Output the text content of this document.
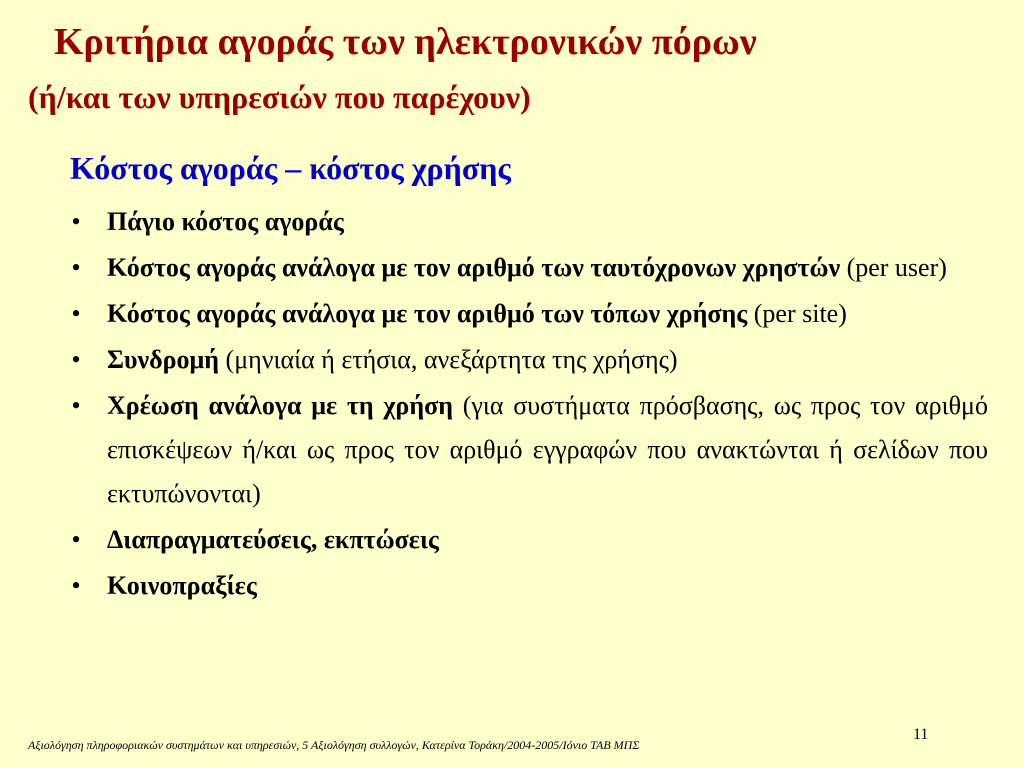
Κριτήρια αγοράς των ηλεκτρονικών πόρων
(ή/και των υπηρεσιών που παρέχουν)
Κόστος αγοράς – κόστος χρήσης
• Πάγιο κόστος αγοράς
• Κόστος αγοράς ανάλογα με τον αριθμό των ταυτόχρονων χρηστών (per user)
• Κόστος αγοράς ανάλογα με τον αριθμό των τόπων χρήσης (per site)
• Συνδρομή (μηνιαία ή ετήσια, ανεξάρτητα της χρήσης)
• Χρέωση ανάλογα με τη χρήση (για συστήματα πρόσβασης, ως προς τον αριθμό επισκέψεων ή/και ως προς τον αριθμό εγγραφών που ανακτώνται ή σελίδων που εκτυπώνονται)
• Διαπραγματεύσεις, εκπτώσεις
• Κοινοπραξίες
Αξιολόγηση πληροφοριακών συστημάτων και υπηρεσιών, 5 Αξιολόγηση συλλογών, Κατερίνα Τοράκη/2004-2005/Ιόνιο ΤΑΒ ΜΠΣ
11
